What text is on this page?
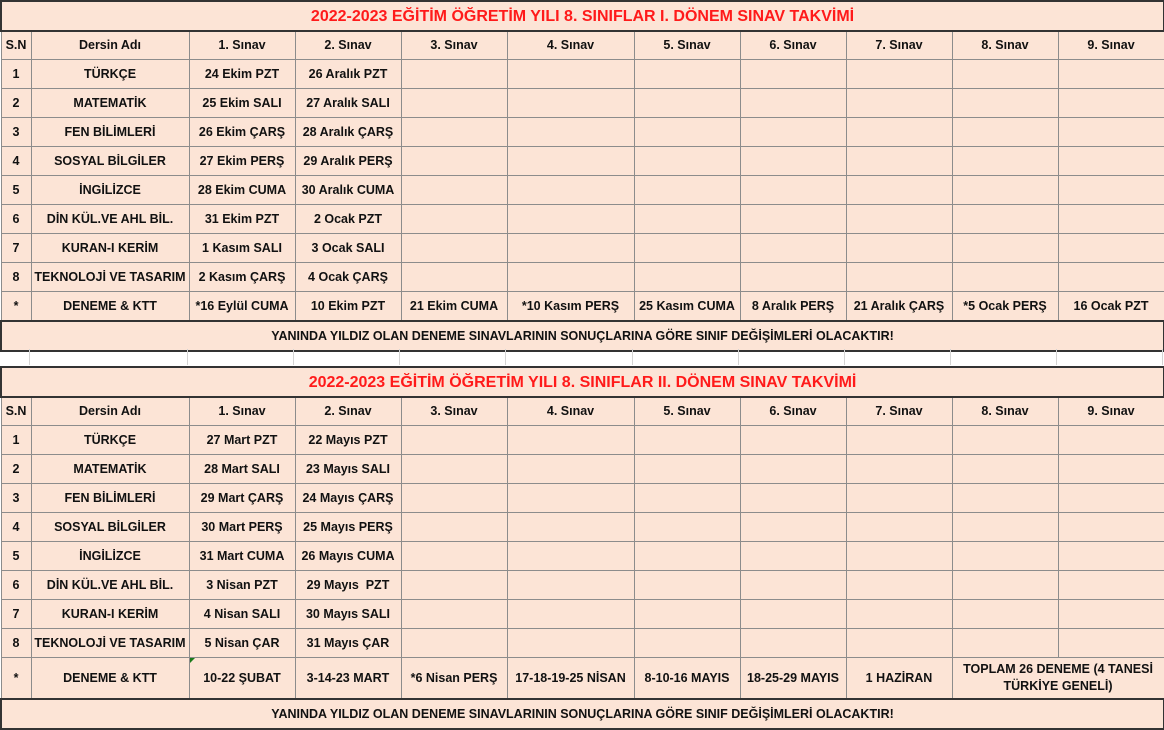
2022-2023 EĞİTİM ÖĞRETİM YILI 8. SINIFLAR I. DÖNEM SINAV TAKVİMİ										
S.N	Dersin Adı	1. Sınav	2. Sınav	3. Sınav	4. Sınav	5. Sınav	6. Sınav	7. Sınav	8. Sınav	9. Sınav
1	TÜRKÇE	24 Ekim PZT	26 Aralık PZT							
2	MATEMATİK	25 Ekim SALI	27 Aralık SALI							
3	FEN BİLİMLERİ	26 Ekim ÇARŞ	28 Aralık ÇARŞ							
4	SOSYAL BİLGİLER	27 Ekim PERŞ	29 Aralık PERŞ							
5	İNGİLİZCE	28 Ekim CUMA	30 Aralık CUMA							
6	DİN KÜL.VE AHL BİL.	31 Ekim PZT	2 Ocak PZT							
7	KURAN-I KERİM	1 Kasım SALI	3 Ocak SALI							
8	TEKNOLOJİ VE TASARIM	2 Kasım ÇARŞ	4 Ocak ÇARŞ							
*	DENEME & KTT	*16 Eylül CUMA	10 Ekim PZT	21 Ekim CUMA	*10 Kasım PERŞ	25 Kasım CUMA	8 Aralık PERŞ	21 Aralık ÇARŞ	*5 Ocak PERŞ	16 Ocak PZT
YANINDA YILDIZ OLAN DENEME SINAVLARININ SONUÇLARINA GÖRE SINIF DEĞİŞİMLERİ OLACAKTIR!										
2022-2023 EĞİTİM ÖĞRETİM YILI 8. SINIFLAR II. DÖNEM SINAV TAKVİMİ										
S.N	Dersin Adı	1. Sınav	2. Sınav	3. Sınav	4. Sınav	5. Sınav	6. Sınav	7. Sınav	8. Sınav	9. Sınav
1	TÜRKÇE	27 Mart PZT	22 Mayıs PZT							
2	MATEMATİK	28 Mart SALI	23 Mayıs SALI							
3	FEN BİLİMLERİ	29 Mart ÇARŞ	24 Mayıs ÇARŞ							
4	SOSYAL BİLGİLER	30 Mart PERŞ	25 Mayıs PERŞ							
5	İNGİLİZCE	31 Mart CUMA	26 Mayıs CUMA							
6	DİN KÜL.VE AHL BİL.	3 Nisan PZT	29 Mayıs  PZT							
7	KURAN-I KERİM	4 Nisan SALI	30 Mayıs SALI							
8	TEKNOLOJİ VE TASARIM	5 Nisan ÇAR	31 Mayıs ÇAR							
*	DENEME & KTT	10-22 ŞUBAT	3-14-23 MART	*6 Nisan PERŞ	17-18-19-25 NİSAN	8-10-16 MAYIS	18-25-29 MAYIS	1 HAZİRAN	TOPLAM 26 DENEME (4 TANESİ TÜRKİYE GENELİ)	
YANINDA YILDIZ OLAN DENEME SINAVLARININ SONUÇLARINA GÖRE SINIF DEĞİŞİMLERİ OLACAKTIR!										
